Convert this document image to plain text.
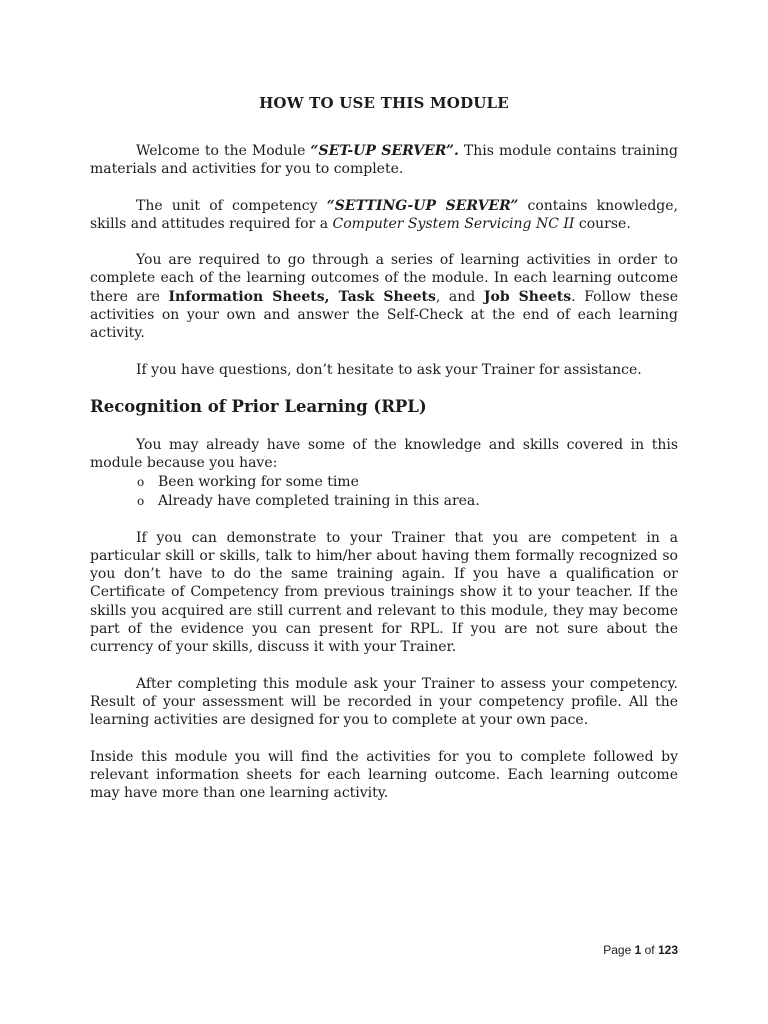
HOW TO USE THIS MODULE

Welcome to the Module “SET-UP SERVER”. This module contains training materials and activities for you to complete.

The unit of competency “SETTING-UP SERVER” contains knowledge, skills and attitudes required for a Computer System Servicing NC II course.

You are required to go through a series of learning activities in order to complete each of the learning outcomes of the module. In each learning outcome there are Information Sheets, Task Sheets, and Job Sheets. Follow these activities on your own and answer the Self-Check at the end of each learning activity.

If you have questions, don’t hesitate to ask your Trainer for assistance.

Recognition of Prior Learning (RPL)

You may already have some of the knowledge and skills covered in this module because you have:

o Been working for some time
o Already have completed training in this area.

If you can demonstrate to your Trainer that you are competent in a particular skill or skills, talk to him/her about having them formally recognized so you don’t have to do the same training again. If you have a qualification or Certificate of Competency from previous trainings show it to your teacher. If the skills you acquired are still current and relevant to this module, they may become part of the evidence you can present for RPL. If you are not sure about the currency of your skills, discuss it with your Trainer.

After completing this module ask your Trainer to assess your competency. Result of your assessment will be recorded in your competency profile. All the learning activities are designed for you to complete at your own pace.

Inside this module you will find the activities for you to complete followed by relevant information sheets for each learning outcome. Each learning outcome may have more than one learning activity.

Page 1 of 123
